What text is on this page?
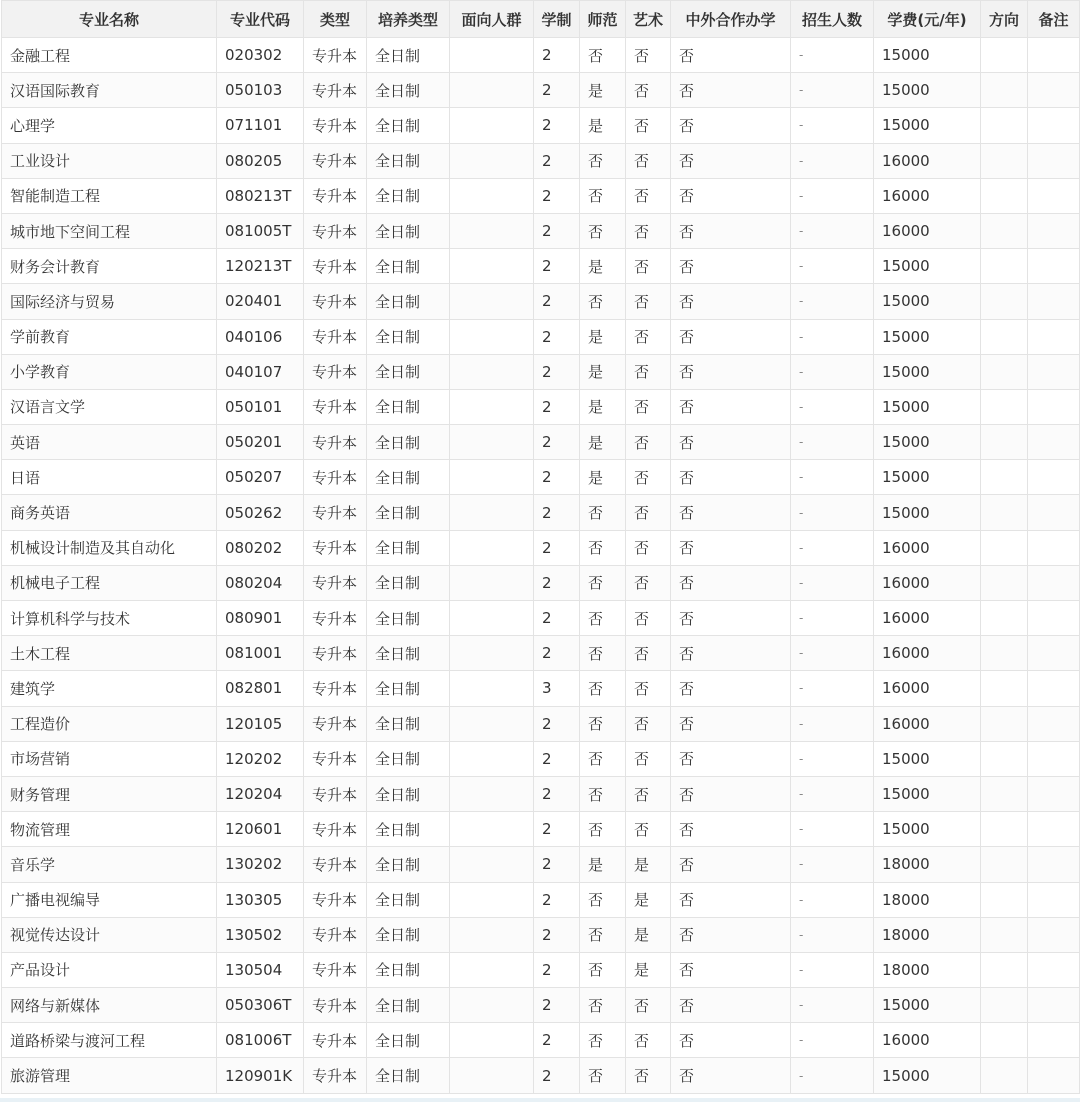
专业名称	专业代码	类型	培养类型	面向人群	学制	师范	艺术	中外合作办学	招生人数	学费(元/年)	方向	备注
金融工程	020302	专升本	全日制		2	否	否	否	-	15000		
汉语国际教育	050103	专升本	全日制		2	是	否	否	-	15000		
心理学	071101	专升本	全日制		2	是	否	否	-	15000		
工业设计	080205	专升本	全日制		2	否	否	否	-	16000		
智能制造工程	080213T	专升本	全日制		2	否	否	否	-	16000		
城市地下空间工程	081005T	专升本	全日制		2	否	否	否	-	16000		
财务会计教育	120213T	专升本	全日制		2	是	否	否	-	15000		
国际经济与贸易	020401	专升本	全日制		2	否	否	否	-	15000		
学前教育	040106	专升本	全日制		2	是	否	否	-	15000		
小学教育	040107	专升本	全日制		2	是	否	否	-	15000		
汉语言文学	050101	专升本	全日制		2	是	否	否	-	15000		
英语	050201	专升本	全日制		2	是	否	否	-	15000		
日语	050207	专升本	全日制		2	是	否	否	-	15000		
商务英语	050262	专升本	全日制		2	否	否	否	-	15000		
机械设计制造及其自动化	080202	专升本	全日制		2	否	否	否	-	16000		
机械电子工程	080204	专升本	全日制		2	否	否	否	-	16000		
计算机科学与技术	080901	专升本	全日制		2	否	否	否	-	16000		
土木工程	081001	专升本	全日制		2	否	否	否	-	16000		
建筑学	082801	专升本	全日制		3	否	否	否	-	16000		
工程造价	120105	专升本	全日制		2	否	否	否	-	16000		
市场营销	120202	专升本	全日制		2	否	否	否	-	15000		
财务管理	120204	专升本	全日制		2	否	否	否	-	15000		
物流管理	120601	专升本	全日制		2	否	否	否	-	15000		
音乐学	130202	专升本	全日制		2	是	是	否	-	18000		
广播电视编导	130305	专升本	全日制		2	否	是	否	-	18000		
视觉传达设计	130502	专升本	全日制		2	否	是	否	-	18000		
产品设计	130504	专升本	全日制		2	否	是	否	-	18000		
网络与新媒体	050306T	专升本	全日制		2	否	否	否	-	15000		
道路桥梁与渡河工程	081006T	专升本	全日制		2	否	否	否	-	16000		
旅游管理	120901K	专升本	全日制		2	否	否	否	-	15000		
